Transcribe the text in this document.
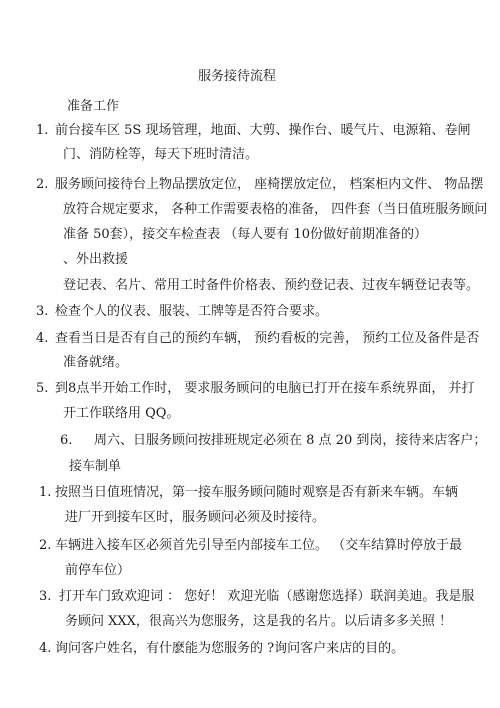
服务接待流程
准备工作
1. 前台接车区 5S 现场管理，地面、大剪、操作台、暖气片、电源箱、卷闸
门、消防栓等，每天下班时清洁。
2. 服务顾问接待台上物品摆放定位， 座椅摆放定位， 档案柜内文件、 物品摆
放符合规定要求， 各种工作需要表格的准备， 四件套（当日值班服务顾问
准备 50套），接交车检查表 （每人要有 10份做好前期准备的）
、外出救援
登记表、名片、常用工时备件价格表、预约登记表、过夜车辆登记表等。
3. 检查个人的仪表、服装、工牌等是否符合要求。
4. 查看当日是否有自己的预约车辆， 预约看板的完善， 预约工位及备件是否
准备就绪。
5. 到8点半开始工作时， 要求服务顾问的电脑已打开在接车系统界面， 并打
开工作联络用 QQ。
6. 周六、日服务顾问按排班规定必须在 8 点 20 到岗，接待来店客户；
接车制单
1. 按照当日值班情况，第一接车服务顾问随时观察是否有新来车辆。车辆
进厂开到接车区时，服务顾问必须及时接待。
2. 车辆进入接车区必须首先引导至内部接车工位。 （交车结算时停放于最
前停车位）
3. 打开车门致欢迎词 ： 您好！ 欢迎光临（感谢您选择）联润美迪。我是服
务顾问 XXX，很高兴为您服务，这是我的名片。以后请多多关照 ！
4. 询问客户姓名，有什麽能为您服务的 ?询问客户来店的目的。
